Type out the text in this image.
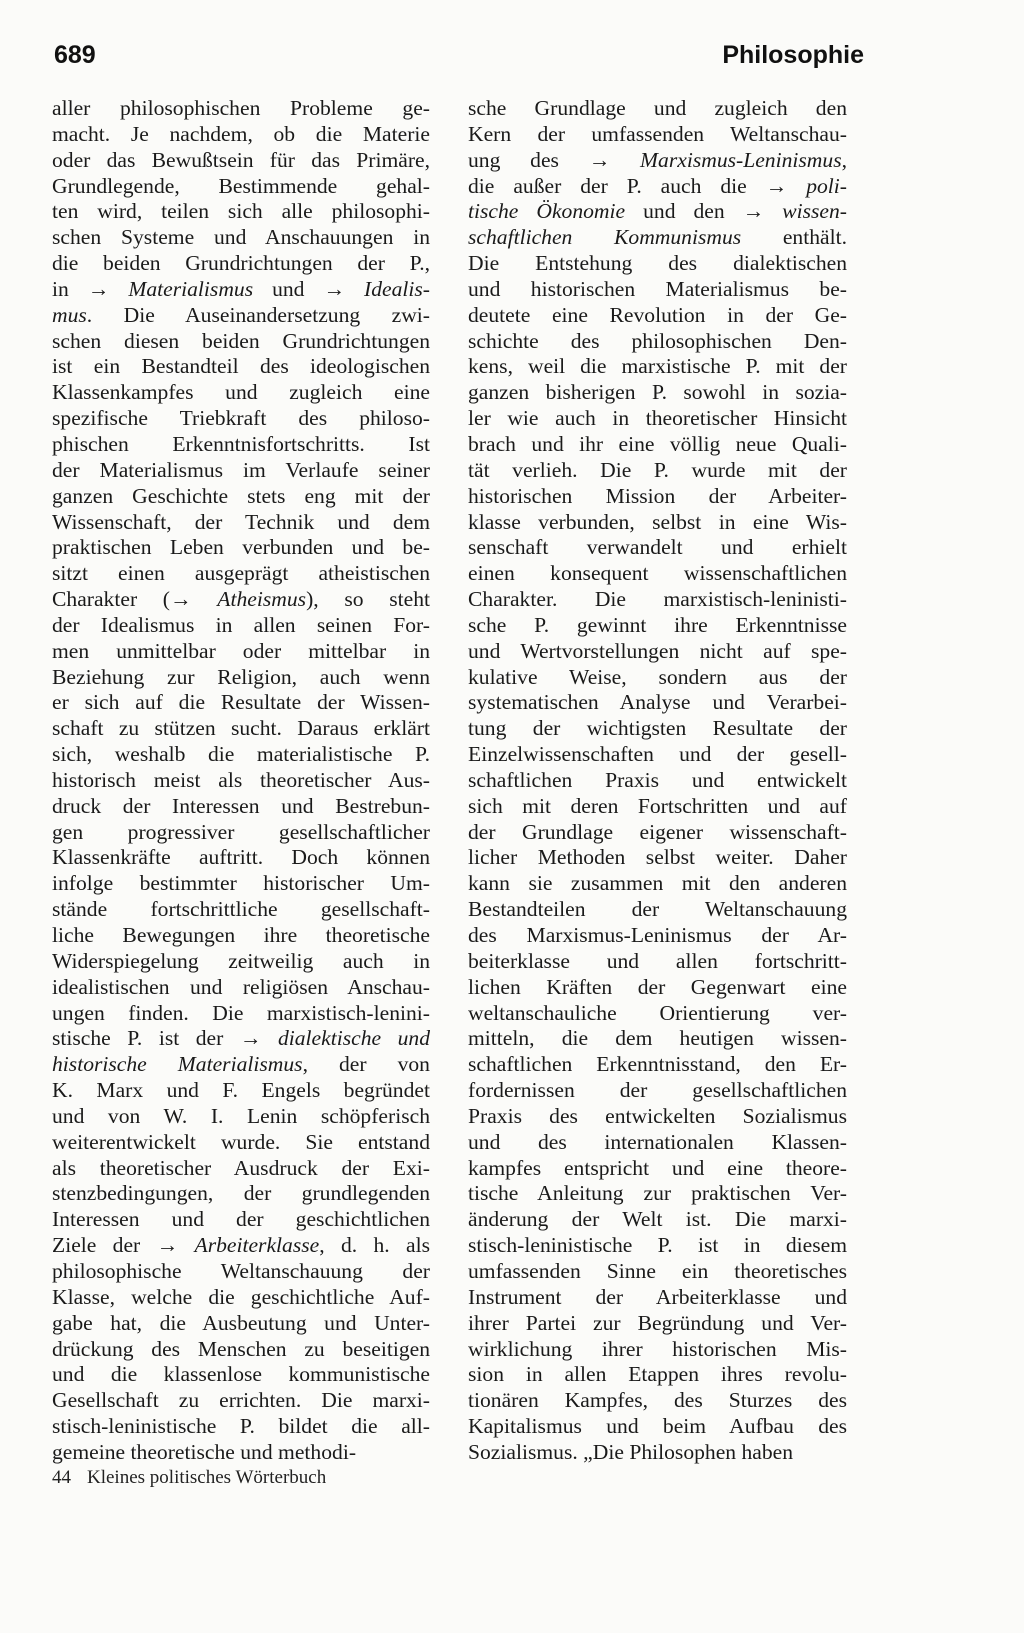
689	Philosophie
aller philosophischen Probleme ge-
macht. Je nachdem, ob die Materie
oder das Bewußtsein für das Primäre,
Grundlegende, Bestimmende gehal-
ten wird, teilen sich alle philosophi-
schen Systeme und Anschauungen in
die beiden Grundrichtungen der P.,
in → Materialismus und → Idealis-
mus. Die Auseinandersetzung zwi-
schen diesen beiden Grundrichtungen
ist ein Bestandteil des ideologischen
Klassenkampfes und zugleich eine
spezifische Triebkraft des philoso-
phischen Erkenntnisfortschritts. Ist
der Materialismus im Verlaufe seiner
ganzen Geschichte stets eng mit der
Wissenschaft, der Technik und dem
praktischen Leben verbunden und be-
sitzt einen ausgeprägt atheistischen
Charakter (→ Atheismus), so steht
der Idealismus in allen seinen For-
men unmittelbar oder mittelbar in
Beziehung zur Religion, auch wenn
er sich auf die Resultate der Wissen-
schaft zu stützen sucht. Daraus erklärt
sich, weshalb die materialistische P.
historisch meist als theoretischer Aus-
druck der Interessen und Bestrebun-
gen progressiver gesellschaftlicher
Klassenkräfte auftritt. Doch können
infolge bestimmter historischer Um-
stände fortschrittliche gesellschaft-
liche Bewegungen ihre theoretische
Widerspiegelung zeitweilig auch in
idealistischen und religiösen Anschau-
ungen finden. Die marxistisch-lenini-
stische P. ist der → dialektische und
historische Materialismus, der von
K. Marx und F. Engels begründet
und von W. I. Lenin schöpferisch
weiterentwickelt wurde. Sie entstand
als theoretischer Ausdruck der Exi-
stenzbedingungen, der grundlegenden
Interessen und der geschichtlichen
Ziele der → Arbeiterklasse, d. h. als
philosophische Weltanschauung der
Klasse, welche die geschichtliche Auf-
gabe hat, die Ausbeutung und Unter-
drückung des Menschen zu beseitigen
und die klassenlose kommunistische
Gesellschaft zu errichten. Die marxi-
stisch-leninistische P. bildet die all-
gemeine theoretische und methodi-
sche Grundlage und zugleich den
Kern der umfassenden Weltanschau-
ung des → Marxismus-Leninismus,
die außer der P. auch die → poli-
tische Ökonomie und den → wissen-
schaftlichen Kommunismus enthält.
Die Entstehung des dialektischen
und historischen Materialismus be-
deutete eine Revolution in der Ge-
schichte des philosophischen Den-
kens, weil die marxistische P. mit der
ganzen bisherigen P. sowohl in sozia-
ler wie auch in theoretischer Hinsicht
brach und ihr eine völlig neue Quali-
tät verlieh. Die P. wurde mit der
historischen Mission der Arbeiter-
klasse verbunden, selbst in eine Wis-
senschaft verwandelt und erhielt
einen konsequent wissenschaftlichen
Charakter. Die marxistisch-leninisti-
sche P. gewinnt ihre Erkenntnisse
und Wertvorstellungen nicht auf spe-
kulative Weise, sondern aus der
systematischen Analyse und Verarbei-
tung der wichtigsten Resultate der
Einzelwissenschaften und der gesell-
schaftlichen Praxis und entwickelt
sich mit deren Fortschritten und auf
der Grundlage eigener wissenschaft-
licher Methoden selbst weiter. Daher
kann sie zusammen mit den anderen
Bestandteilen der Weltanschauung
des Marxismus-Leninismus der Ar-
beiterklasse und allen fortschritt-
lichen Kräften der Gegenwart eine
weltanschauliche Orientierung ver-
mitteln, die dem heutigen wissen-
schaftlichen Erkenntnisstand, den Er-
fordernissen der gesellschaftlichen
Praxis des entwickelten Sozialismus
und des internationalen Klassen-
kampfes entspricht und eine theore-
tische Anleitung zur praktischen Ver-
änderung der Welt ist. Die marxi-
stisch-leninistische P. ist in diesem
umfassenden Sinne ein theoretisches
Instrument der Arbeiterklasse und
ihrer Partei zur Begründung und Ver-
wirklichung ihrer historischen Mis-
sion in allen Etappen ihres revolu-
tionären Kampfes, des Sturzes des
Kapitalismus und beim Aufbau des
Sozialismus. „Die Philosophen haben
44 Kleines politisches Wörterbuch
